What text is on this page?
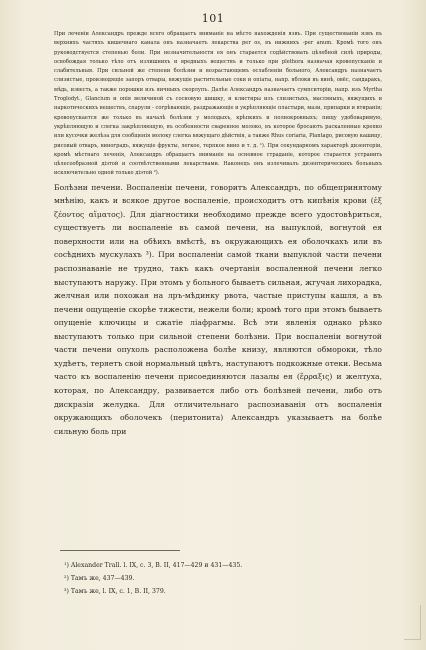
101

При леченіи Александръ прежде всего обращаетъ вниманіе на мѣсто нахожденія язвъ. При существованіи язвъ въ верхнихъ частяхъ кишечнаго канала онъ назначаетъ лекарства per os, въ нижнихъ -per anum. Кромѣ того онъ руководствуется степенью боли. При незначительности ея онъ старается содѣйствовать цѣлебной силѣ природы, освобождая только тѣло отъ излишнихъ и вредныхъ веществъ и только при plethora назначая кровопусканіе и слабительныя. При сильной же степени болѣзни и возрастающемъ ослабленіи больного, Александръ назначаетъ слизистые, производящіе запоръ отвары, вяжущіе растительные соки и опіаты, напр. яблоки въ винѣ, овёс, сандаракъ, мѣдь, известь, а также порошки изъ яичныхъ скорлупъ. Далѣе Александръ назначаетъ сумпситоріи, напр. изъ Myrtha Troglodyt., Glancium и опія величиной съ сосновую шишку, и клистиры изъ слизистыхъ, масляныхъ, вяжущихъ и наркотическихъ веществъ, спарули - согрѣвающіе, раздражающіе и укрѣпляющіе пластыри, мази, припарки и втиранія; кровопускается же только въ началѣ болѣзни у молодыхъ, крѣпкихъ и полнокровныхъ; пищу удобоваримую, укрѣпляющую и слегка закрѣпляющую, въ особенности сваренное молоко, въ которое бросаютъ раскаленные крепко или кусочки желѣза для сообщенія молоку слегка вяжущаго дѣйствія, а также Rhus coriaria, Plantago, рисовую кашицу, рисовый отваръ, виноградъ, вяжущіе фрукты, легкое, терпкое вино и т. д. ¹). При секундарномъ характерѣ дизентеріи, кромѣ мѣстнаго леченія, Александръ обращаетъ вниманіе на основное страданіе, которое старается устранить цѣлесообразной діэтой и соотвѣтственными лекарствами. Наконецъ онъ излечивалъ дизентерическихъ больныхъ исключительно одной только діэтой ²).

Болѣзни печени. Воспаленіи печени, говоритъ Александръ, по общепринятому мнѣнію, какъ и всякое другое воспаленіе, происходитъ отъ кипѣнія крови (ἐξ ζέοντος αἵματος). Для діагностики необходимо прежде всего удостовѣриться, существуетъ ли воспаленіе въ самой печени, на выпуклой, вогнутой ея поверхности или на обѣихъ вмѣстѣ, въ окружающихъ ея оболочкахъ или въ сосѣднихъ мускулахъ ³). При воспаленіи самой ткани выпуклой части печени распознаваніе не трудно, такъ какъ очертанія воспаленной печени легко выступаютъ наружу. При этомъ у больного бываетъ сильная, жгучая лихорадка, желчная или похожая на лръ-мѣдинку рвота, частые приступы кашля, а въ печени ощущеніе скорѣе тяжести, нежели боли; кромѣ того при этомъ бываетъ опущеніе ключицы и сжатіе ліафрагмы. Всѣ эти явленія однако рѣзко выступаютъ только при сильной степени болѣзни. При воспаленіи вогнутой части печени опухоль расположена болѣе книзу, являются обмороки, тѣло худѣетъ, теряетъ свой нормальный цвѣтъ, наступаютъ подкожные отеки. Весьма часто къ воспаленію печени присоединяются лазалы ея (ἕρραξις) и желтуха, которая, по Александру, развивается либо отъ болѣзней печени, либо отъ дискразіи желудка. Для отличительнаго распознаванія отъ воспаленія окружающихъ оболочекъ (перитонита) Александръ указываетъ на болѣе сильную боль при

¹) Alexander Trall. l. IX, c. 3, B. II, 417—429 и 431—435.
²) Тамъ же, 437—439.
³) Тамъ же, l. IX, c. 1, B. II, 379.
